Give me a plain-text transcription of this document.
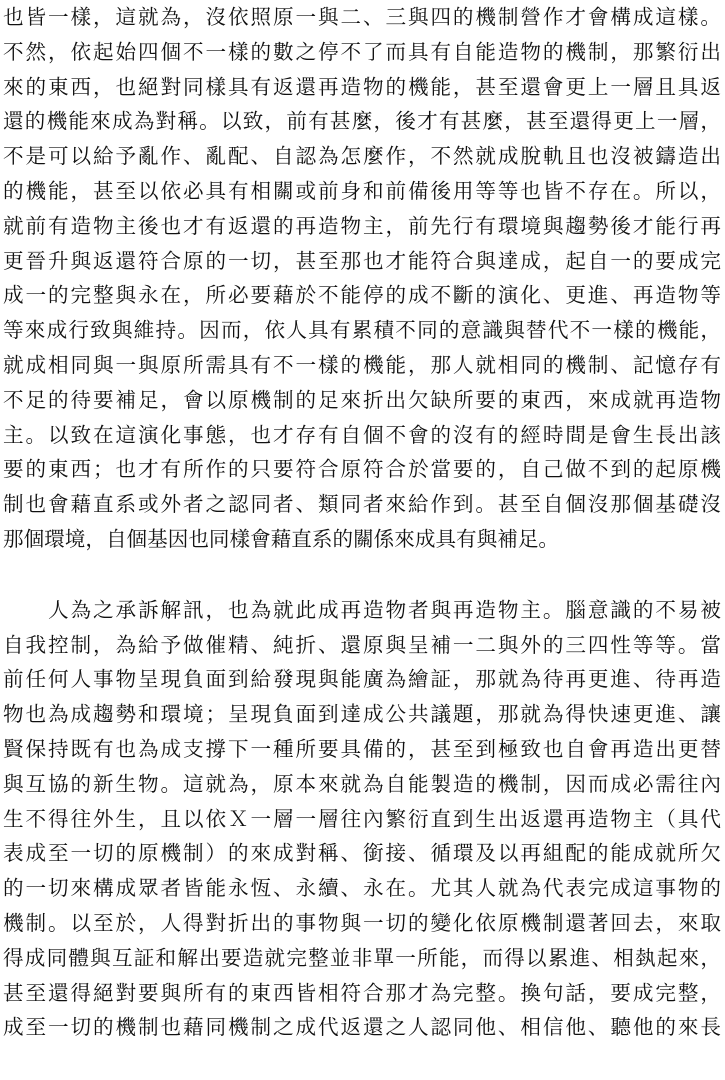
也皆一樣，這就為，沒依照原一與二、三與四的機制營作才會構成這樣。
不然，依起始四個不一樣的數之停不了而具有自能造物的機制，那繁衍出
來的東西，也絕對同樣具有返還再造物的機能，甚至還會更上一層且具返
還的機能來成為對稱。以致，前有甚麼，後才有甚麼，甚至還得更上一層，
不是可以給予亂作、亂配、自認為怎麼作，不然就成脫軌且也沒被鑄造出
的機能，甚至以依必具有相關或前身和前備後用等等也皆不存在。所以，
就前有造物主後也才有返還的再造物主，前先行有環境與趨勢後才能行再
更晉升與返還符合原的一切，甚至那也才能符合與達成，起自一的要成完
成一的完整與永在，所必要藉於不能停的成不斷的演化、更進、再造物等
等來成行致與維持。因而，依人具有累積不同的意識與替代不一樣的機能，
就成相同與一與原所需具有不一樣的機能，那人就相同的機制、記憶存有
不足的待要補足，會以原機制的足來折出欠缺所要的東西，來成就再造物
主。以致在這演化事態，也才存有自個不會的沒有的經時間是會生長出該
要的東西；也才有所作的只要符合原符合於當要的，自己做不到的起原機
制也會藉直系或外者之認同者、類同者來給作到。甚至自個沒那個基礎沒
那個環境，自個基因也同樣會藉直系的關係來成具有與補足。
　　人為之承訴解訊，也為就此成再造物者與再造物主。腦意識的不易被
自我控制，為給予做催精、純折、還原與呈補一二與外的三四性等等。當
前任何人事物呈現負面到給發現與能廣為繪証，那就為待再更進、待再造
物也為成趨勢和環境；呈現負面到達成公共議題，那就為得快速更進、讓
賢保持既有也為成支撐下一種所要具備的，甚至到極致也自會再造出更替
與互協的新生物。這就為，原本來就為自能製造的機制，因而成必需往內
生不得往外生，且以依Ｘ一層一層往內繁衍直到生出返還再造物主（具代
表成至一切的原機制）的來成對稱、銜接、循環及以再組配的能成就所欠
的一切來構成眾者皆能永恆、永續、永在。尤其人就為代表完成這事物的
機制。以至於，人得對折出的事物與一切的變化依原機制還著回去，來取
得成同體與互証和解出要造就完整並非單一所能，而得以累進、相埶起來，
甚至還得絕對要與所有的東西皆相符合那才為完整。換句話，要成完整，
成至一切的機制也藉同機制之成代返還之人認同他、相信他、聽他的來長
